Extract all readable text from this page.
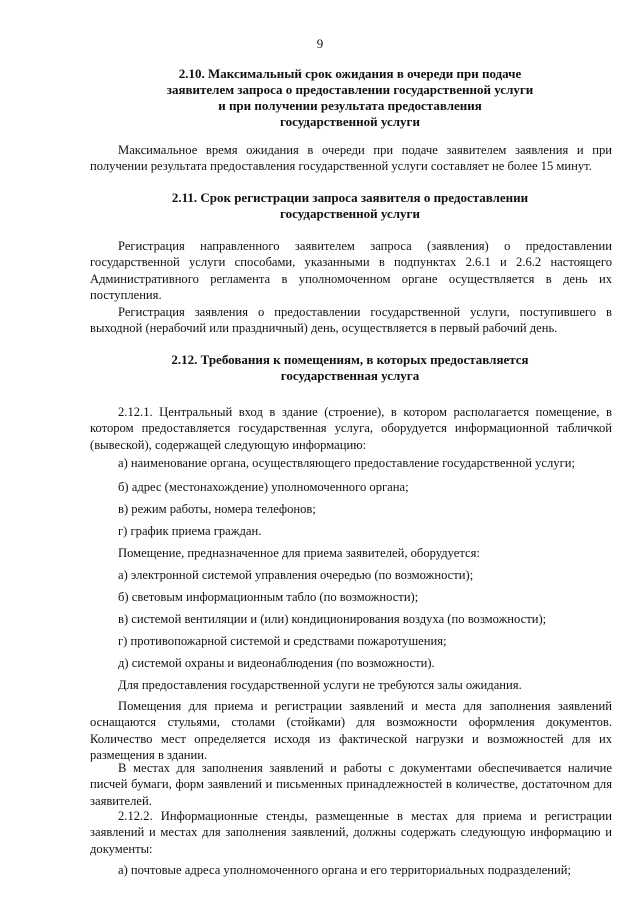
9
2.10. Максимальный срок ожидания в очереди при подаче
заявителем запроса о предоставлении государственной услуги
и при получении результата предоставления
государственной услуги
Максимальное время ожидания в очереди при подаче заявителем заявления и при получении результата предоставления государственной услуги составляет не более 15 минут.
2.11. Срок регистрации запроса заявителя о предоставлении
государственной услуги
Регистрация направленного заявителем запроса (заявления) о предоставлении государственной услуги способами, указанными в подпунктах 2.6.1 и 2.6.2 настоящего Административного регламента в уполномоченном органе осуществляется в день их поступления.
Регистрация заявления о предоставлении государственной услуги, поступившего в выходной (нерабочий или праздничный) день, осуществляется в первый рабочий день.
2.12. Требования к помещениям, в которых предоставляется
государственная услуга
2.12.1. Центральный вход в здание (строение), в котором располагается помещение, в котором предоставляется государственная услуга, оборудуется информационной табличкой (вывеской), содержащей следующую информацию:
а) наименование органа, осуществляющего предоставление государственной услуги;
б) адрес (местонахождение) уполномоченного органа;
в) режим работы, номера телефонов;
г) график приема граждан.
Помещение, предназначенное для приема заявителей, оборудуется:
а) электронной системой управления очередью (по возможности);
б) световым информационным табло (по возможности);
в) системой вентиляции и (или) кондиционирования воздуха (по возможности);
г) противопожарной системой и средствами пожаротушения;
д) системой охраны и видеонаблюдения (по возможности).
Для предоставления государственной услуги не требуются залы ожидания.
Помещения для приема и регистрации заявлений и места для заполнения заявлений оснащаются стульями, столами (стойками) для возможности оформления документов. Количество мест определяется исходя из фактической нагрузки и возможностей для их размещения в здании.
В местах для заполнения заявлений и работы с документами обеспечивается наличие писчей бумаги, форм заявлений и письменных принадлежностей в количестве, достаточном для заявителей.
2.12.2. Информационные стенды, размещенные в местах для приема и регистрации заявлений и местах для заполнения заявлений, должны содержать следующую информацию и документы:
а) почтовые адреса уполномоченного органа и его территориальных подразделений;
